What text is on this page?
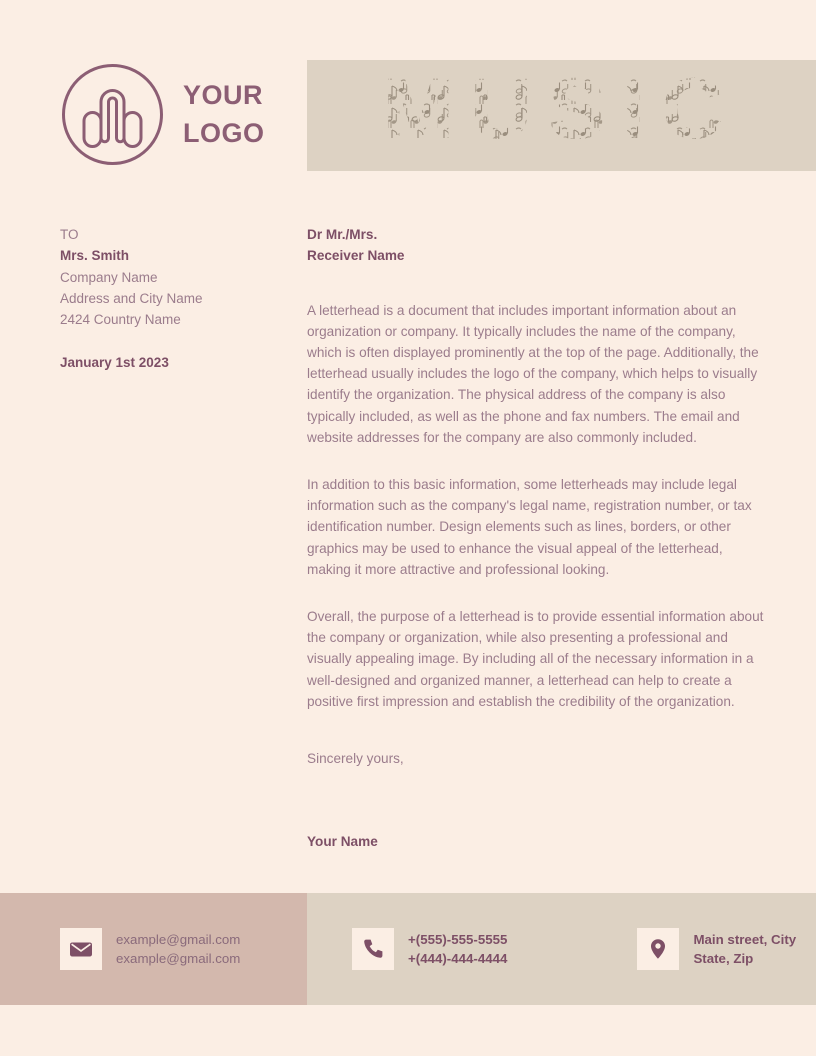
YOUR
LOGO
TO
Mrs. Smith
Company Name
Address and City Name
2424 Country Name
January 1st 2023
Dr Mr./Mrs.
Receiver Name

A letterhead is a document that includes important information about an organization or company. It typically includes the name of the company, which is often displayed prominently at the top of the page. Additionally, the letterhead usually includes the logo of the company, which helps to visually identify the organization. The physical address of the company is also typically included, as well as the phone and fax numbers. The email and website addresses for the company are also commonly included.

In addition to this basic information, some letterheads may include legal information such as the company's legal name, registration number, or tax identification number. Design elements such as lines, borders, or other graphics may be used to enhance the visual appeal of the letterhead, making it more attractive and professional looking.

Overall, the purpose of a letterhead is to provide essential information about the company or organization, while also presenting a professional and visually appealing image. By including all of the necessary information in a well-designed and organized manner, a letterhead can help to create a positive first impression and establish the credibility of the organization.

Sincerely yours,
Your Name
example@gmail.com
example@gmail.com
+(555)-555-5555
+(444)-444-4444
Main street, City
State, Zip
